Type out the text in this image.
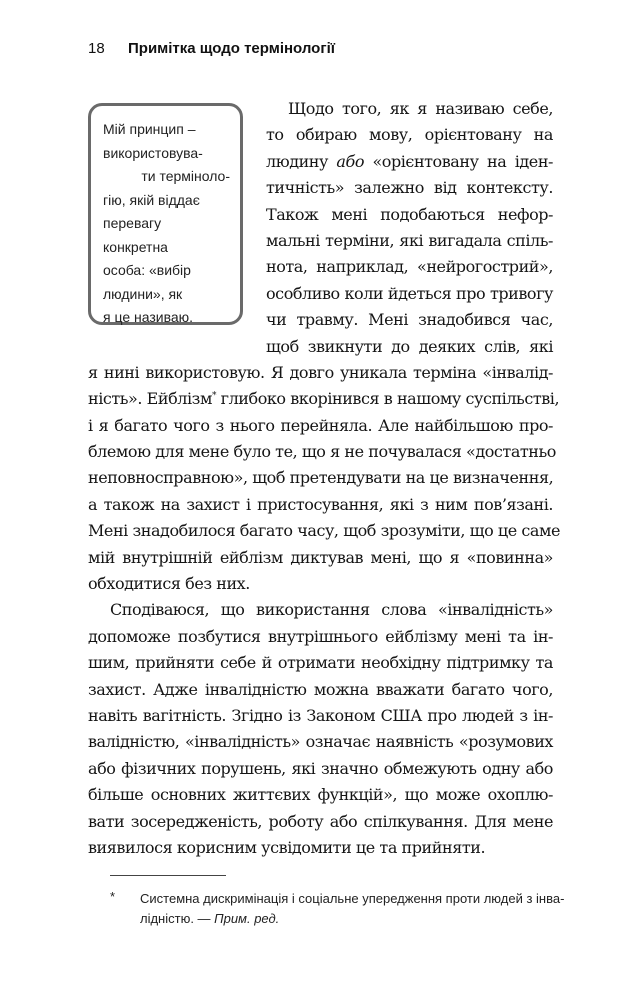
18 Примітка щодо термінології
Мій принцип –
використовува-
ти терміноло-
гію, якій віддає
перевагу
конкретна
особа: «вибір
людини», як
я це називаю.
Щодо того, як я називаю себе,
то обираю мову, орієнтовану на
людину або «орієнтовану на іден-
тичність» залежно від контексту.
Також мені подобаються нефор-
мальні терміни, які вигадала спіль-
нота, наприклад, «нейрогострий»,
особливо коли йдеться про тривогу
чи травму. Мені знадобився час,
щоб звикнути до деяких слів, які
я нині використовую. Я довго уникала терміна «інвалід-
ність». Ейблізм* глибоко вкорінився в нашому суспільстві,
і я багато чого з нього перейняла. Але найбільшою про-
блемою для мене було те, що я не почувалася «достатньо
неповносправною», щоб претендувати на це визначення,
а також на захист і пристосування, які з ним пов’язані.
Мені знадобилося багато часу, щоб зрозуміти, що це саме
мій внутрішній ейблізм диктував мені, що я «повинна»
обходитися без них.
Сподіваюся, що використання слова «інвалідність»
допоможе позбутися внутрішнього ейблізму мені та ін-
шим, прийняти себе й отримати необхідну підтримку та
захист. Адже інвалідністю можна вважати багато чого,
навіть вагітність. Згідно із Законом США про людей з ін-
валідністю, «інвалідність» означає наявність «розумових
або фізичних порушень, які значно обмежують одну або
більше основних життєвих функцій», що може охоплю-
вати зосередженість, роботу або спілкування. Для мене
виявилося корисним усвідомити це та прийняти.
* Системна дискримінація і соціальне упередження проти людей з інва-
лідністю. — Прим. ред.
